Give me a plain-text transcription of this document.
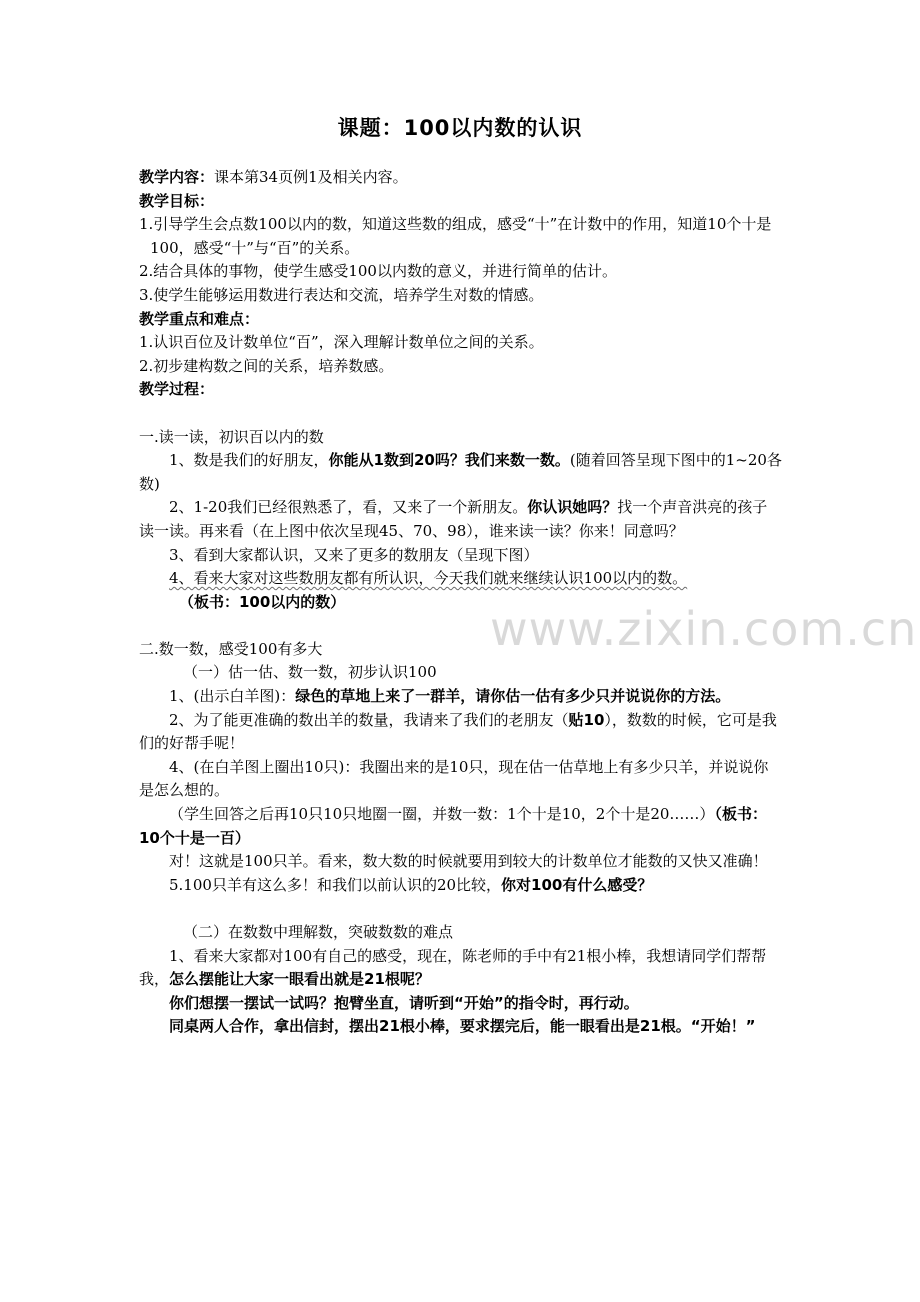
课题：100以内数的认识

教学内容：课本第34页例1及相关内容。

教学目标：

1.引导学生会点数100以内的数，知道这些数的组成，感受“十”在计数中的作用，知道10个十是100，感受“十”与“百”的关系。

2.结合具体的事物，使学生感受100以内数的意义，并进行简单的估计。

3.使学生能够运用数进行表达和交流，培养学生对数的情感。

教学重点和难点：

1.认识百位及计数单位“百”，深入理解计数单位之间的关系。

2.初步建构数之间的关系，培养数感。

教学过程：

一.读一读，初识百以内的数

1、数是我们的好朋友，你能从1数到20吗？我们来数一数。(随着回答呈现下图中的1~20各数)

2、1-20我们已经很熟悉了，看，又来了一个新朋友。你认识她吗？找一个声音洪亮的孩子读一读。再来看（在上图中依次呈现45、70、98），谁来读一读？你来！同意吗？

3、看到大家都认识，又来了更多的数朋友（呈现下图）

4、看来大家对这些数朋友都有所认识，今天我们就来继续认识100以内的数。

（板书：100以内的数）

二.数一数，感受100有多大

（一）估一估、数一数，初步认识100

1、(出示白羊图)：绿色的草地上来了一群羊，请你估一估有多少只并说说你的方法。

2、为了能更准确的数出羊的数量，我请来了我们的老朋友（贴10），数数的时候，它可是我们的好帮手呢！

4、(在白羊图上圈出10只)：我圈出来的是10只，现在估一估草地上有多少只羊，并说说你是怎么想的。

（学生回答之后再10只10只地圈一圈，并数一数：1个十是10，2个十是20……）（板书：10个十是一百）

对！这就是100只羊。看来，数大数的时候就要用到较大的计数单位才能数的又快又准确！

5.100只羊有这么多！和我们以前认识的20比较，你对100有什么感受？

（二）在数数中理解数，突破数数的难点

1、看来大家都对100有自己的感受，现在，陈老师的手中有21根小棒，我想请同学们帮帮我，怎么摆能让大家一眼看出就是21根呢？

你们想摆一摆试一试吗？抱臂坐直，请听到“开始”的指令时，再行动。

同桌两人合作，拿出信封，摆出21根小棒，要求摆完后，能一眼看出是21根。“开始！”

www.zixin.com.cn
